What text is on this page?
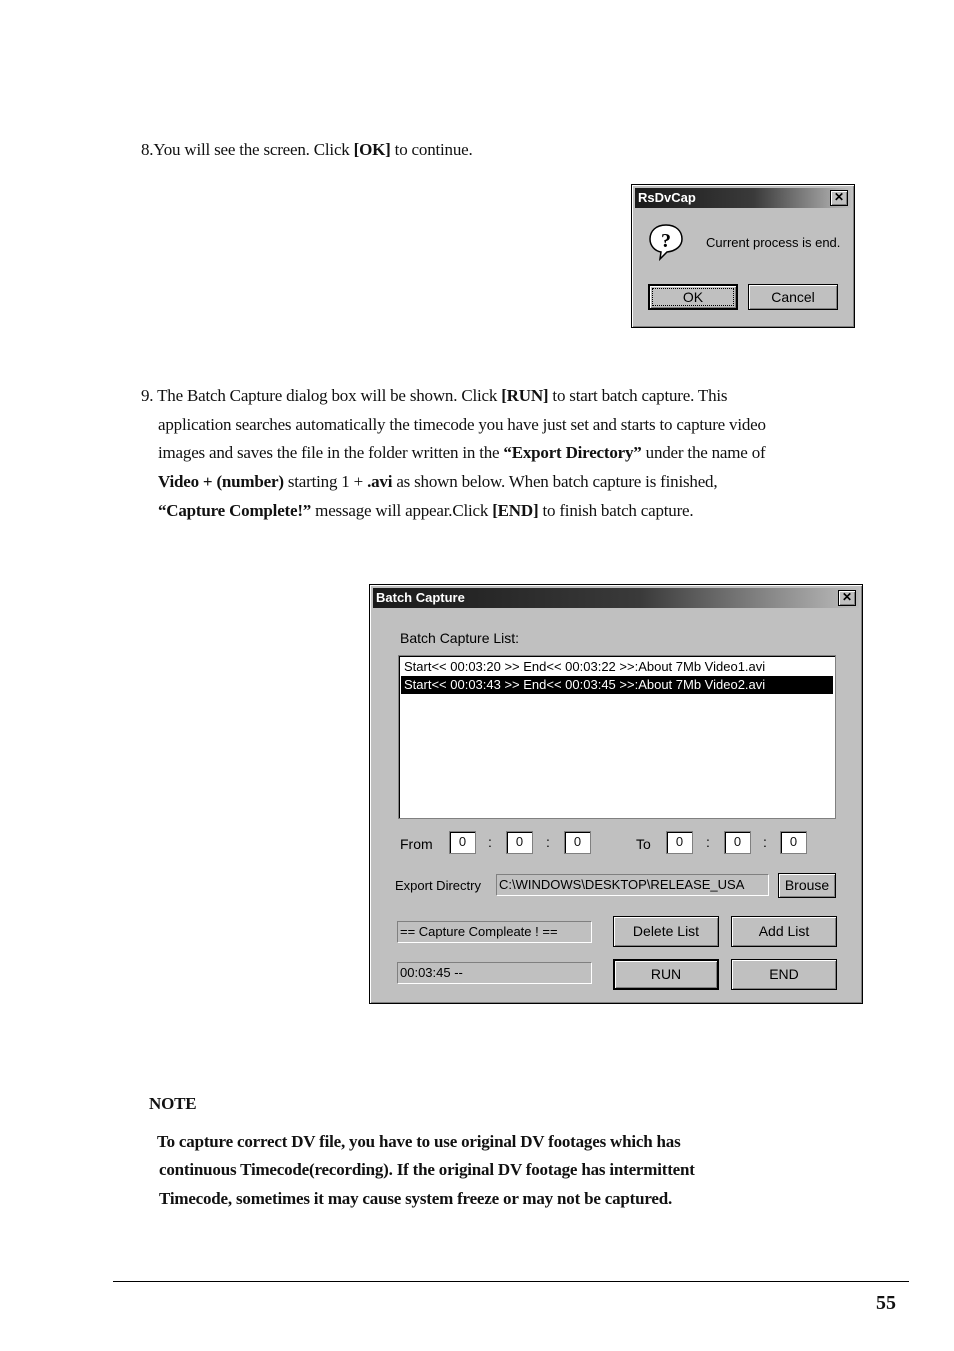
8.You will see the screen. Click [OK] to continue.
RsDvCap	✕
?	Current process is end.
OK	Cancel
9. The Batch Capture dialog box will be shown. Click [RUN] to start batch capture. This
application searches automatically the timecode you have just set and starts to capture video
images and saves the file in the folder written in the “Export Directory” under the name of
Video + (number) starting 1 + .avi as shown below. When batch capture is finished,
“Capture Complete!” message will appear.Click [END] to finish batch capture.
Batch Capture	✕
Batch Capture List:
Start<< 00:03:20 >> End<< 00:03:22 >>:About 7Mb Video1.avi
Start<< 00:03:43 >> End<< 00:03:45 >>:About 7Mb Video2.avi
From	0	:	0	:	0	To	0	:	0	:	0
Export Directry C:\WINDOWS\DESKTOP\RELEASE_USA	Brouse
== Capture Compleate ! ==
00:03:45 --
Delete List	Add List
RUN	END
NOTE
To capture correct DV file, you have to use original DV footages which has
continuous Timecode(recording). If the original DV footage has intermittent
Timecode, sometimes it may cause system freeze or may not be captured.
55
